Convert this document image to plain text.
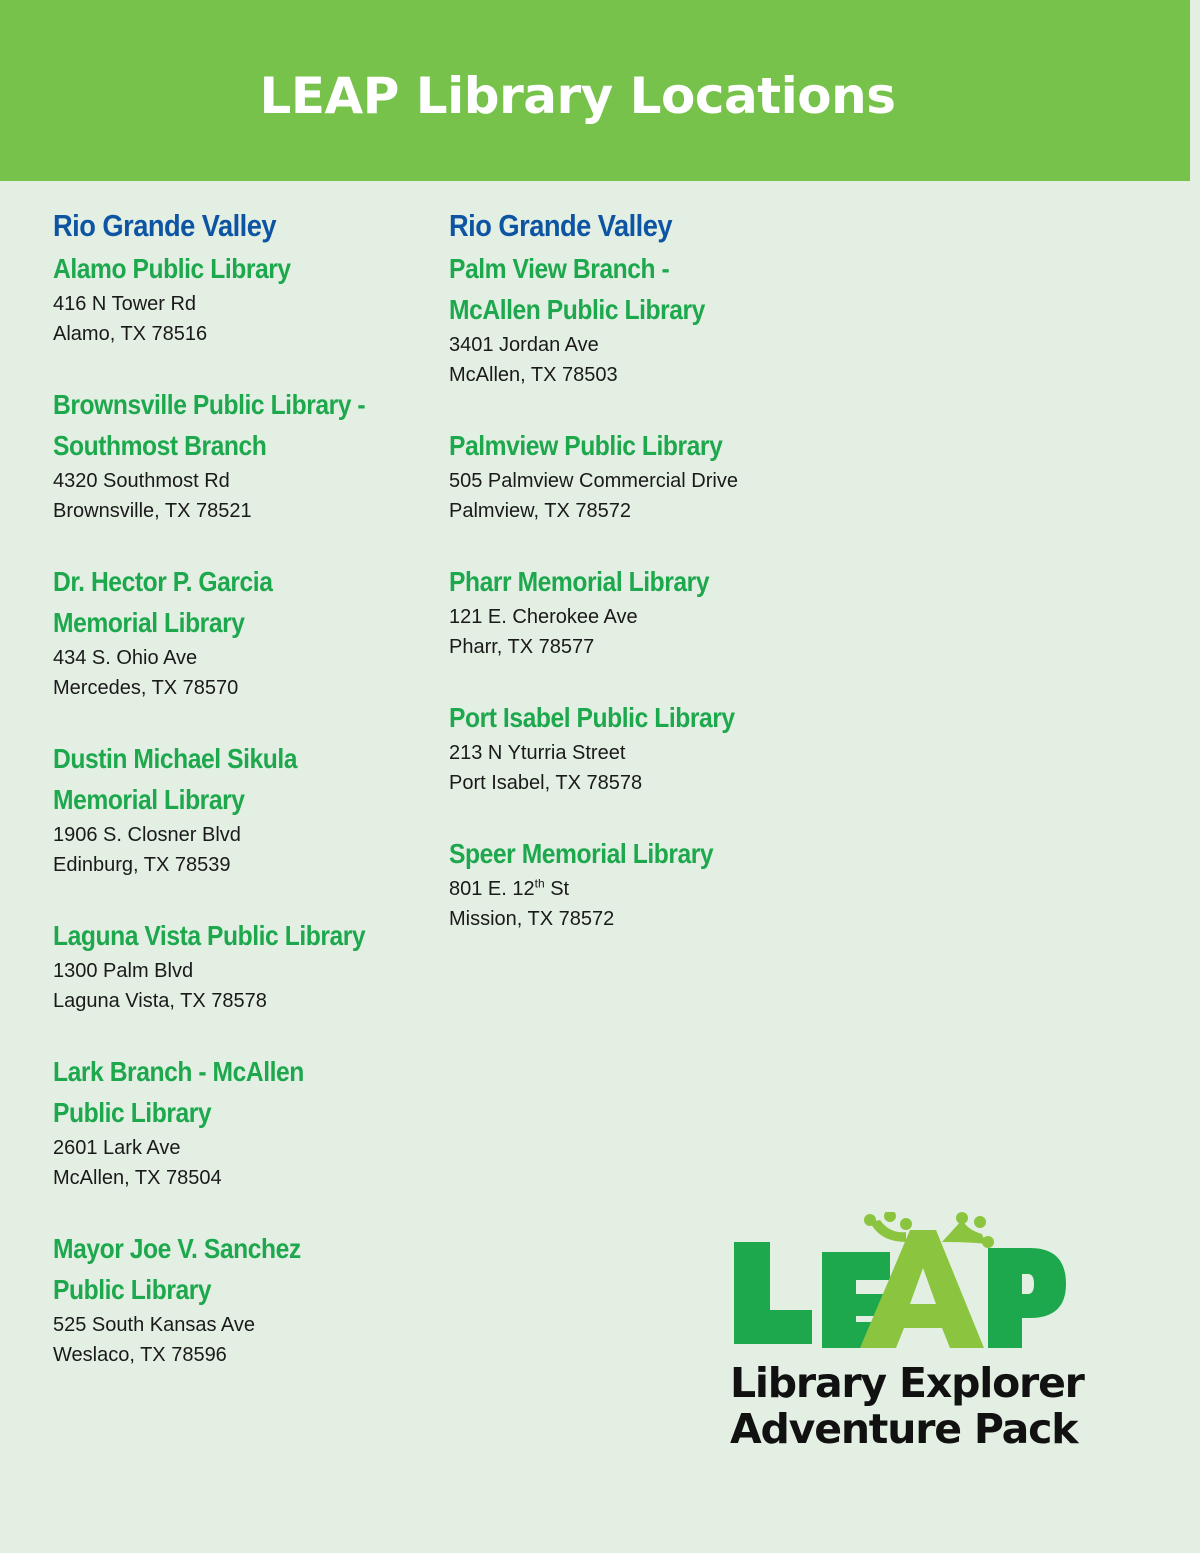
LEAP Library Locations
Rio Grande Valley
Alamo Public Library
416 N Tower Rd
Alamo, TX 78516
Brownsville Public Library -
Southmost Branch
4320 Southmost Rd
Brownsville, TX 78521
Dr. Hector P. Garcia
Memorial Library
434 S. Ohio Ave
Mercedes, TX 78570
Dustin Michael Sikula
Memorial Library
1906 S. Closner Blvd
Edinburg, TX 78539
Laguna Vista Public Library
1300 Palm Blvd
Laguna Vista, TX 78578
Lark Branch - McAllen
Public Library
2601 Lark Ave
McAllen, TX 78504
Mayor Joe V. Sanchez
Public Library
525 South Kansas Ave
Weslaco, TX 78596
Rio Grande Valley
Palm View Branch -
McAllen Public Library
3401 Jordan Ave
McAllen, TX 78503
Palmview Public Library
505 Palmview Commercial Drive
Palmview, TX 78572
Pharr Memorial Library
121 E. Cherokee Ave
Pharr, TX 78577
Port Isabel Public Library
213 N Yturria Street
Port Isabel, TX 78578
Speer Memorial Library
801 E. 12th St
Mission, TX 78572
Library Explorer
Adventure Pack
